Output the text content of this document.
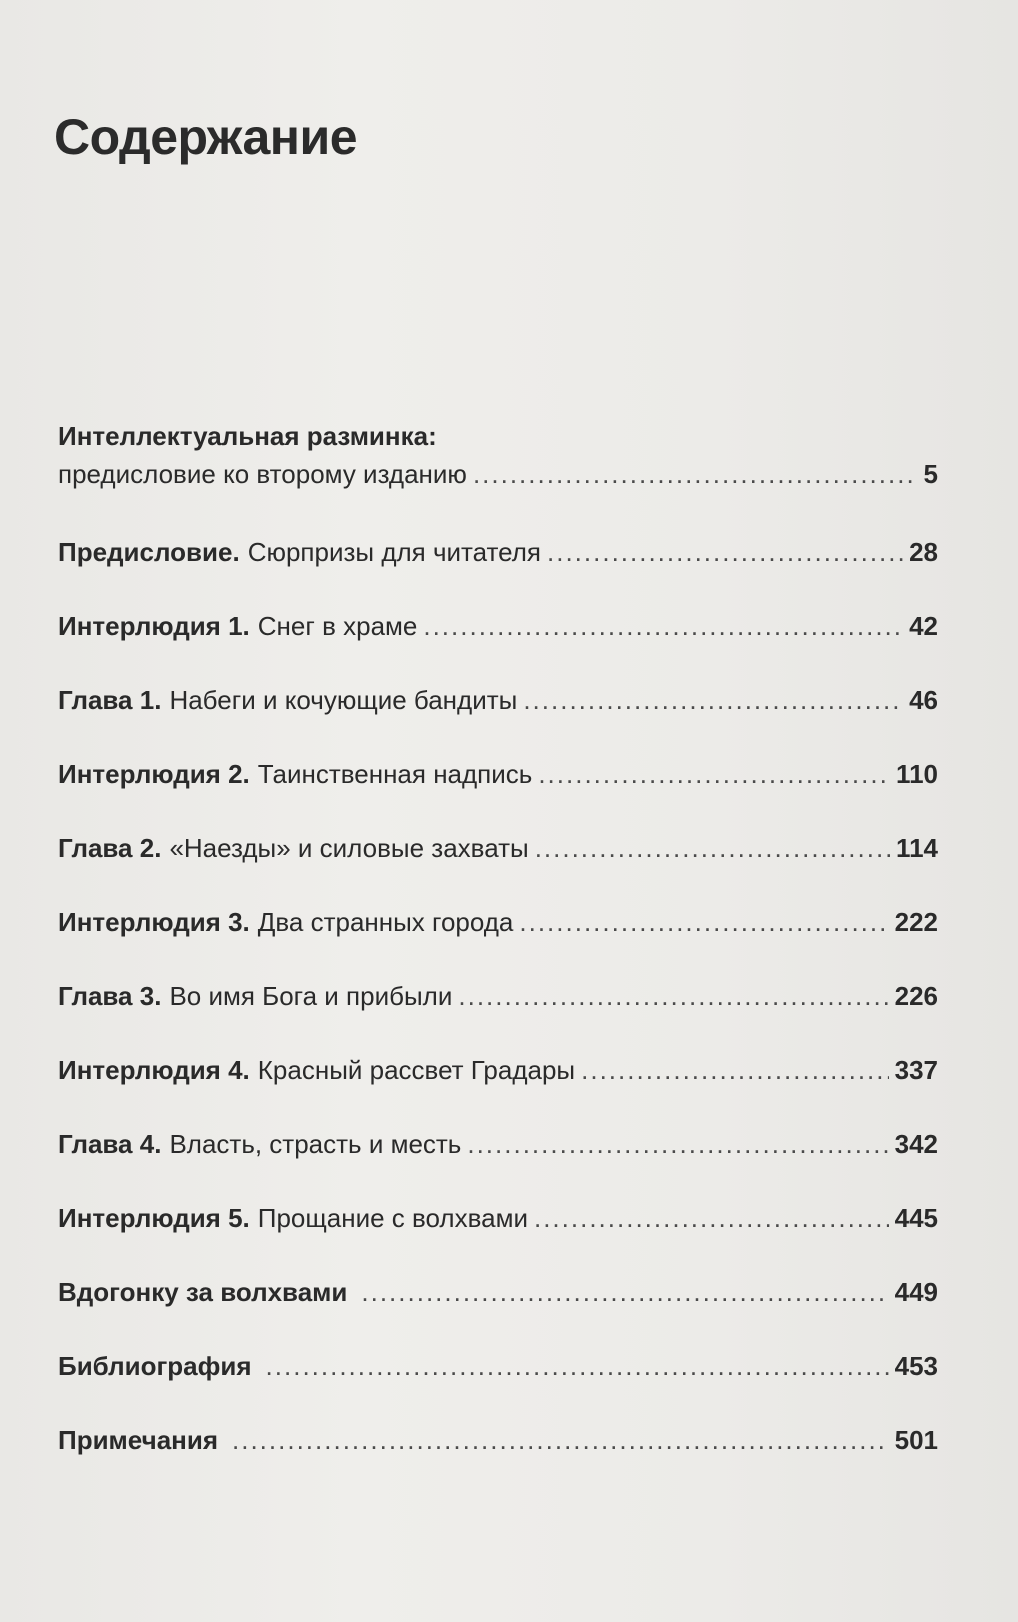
Содержание
Интеллектуальная разминка:
предисловие ко второму изданию .....	5
Предисловие. Сюрпризы для читателя .....	28
Интерлюдия 1. Снег в храме .....	42
Глава 1. Набеги и кочующие бандиты .....	46
Интерлюдия 2. Таинственная надпись .....	110
Глава 2. «Наезды» и силовые захваты .....	114
Интерлюдия 3. Два странных города .....	222
Глава 3. Во имя Бога и прибыли .....	226
Интерлюдия 4. Красный рассвет Градары .....	337
Глава 4. Власть, страсть и месть .....	342
Интерлюдия 5. Прощание с волхвами .....	445
Вдогонку за волхвами .....	449
Библиография .....	453
Примечания .....	501
